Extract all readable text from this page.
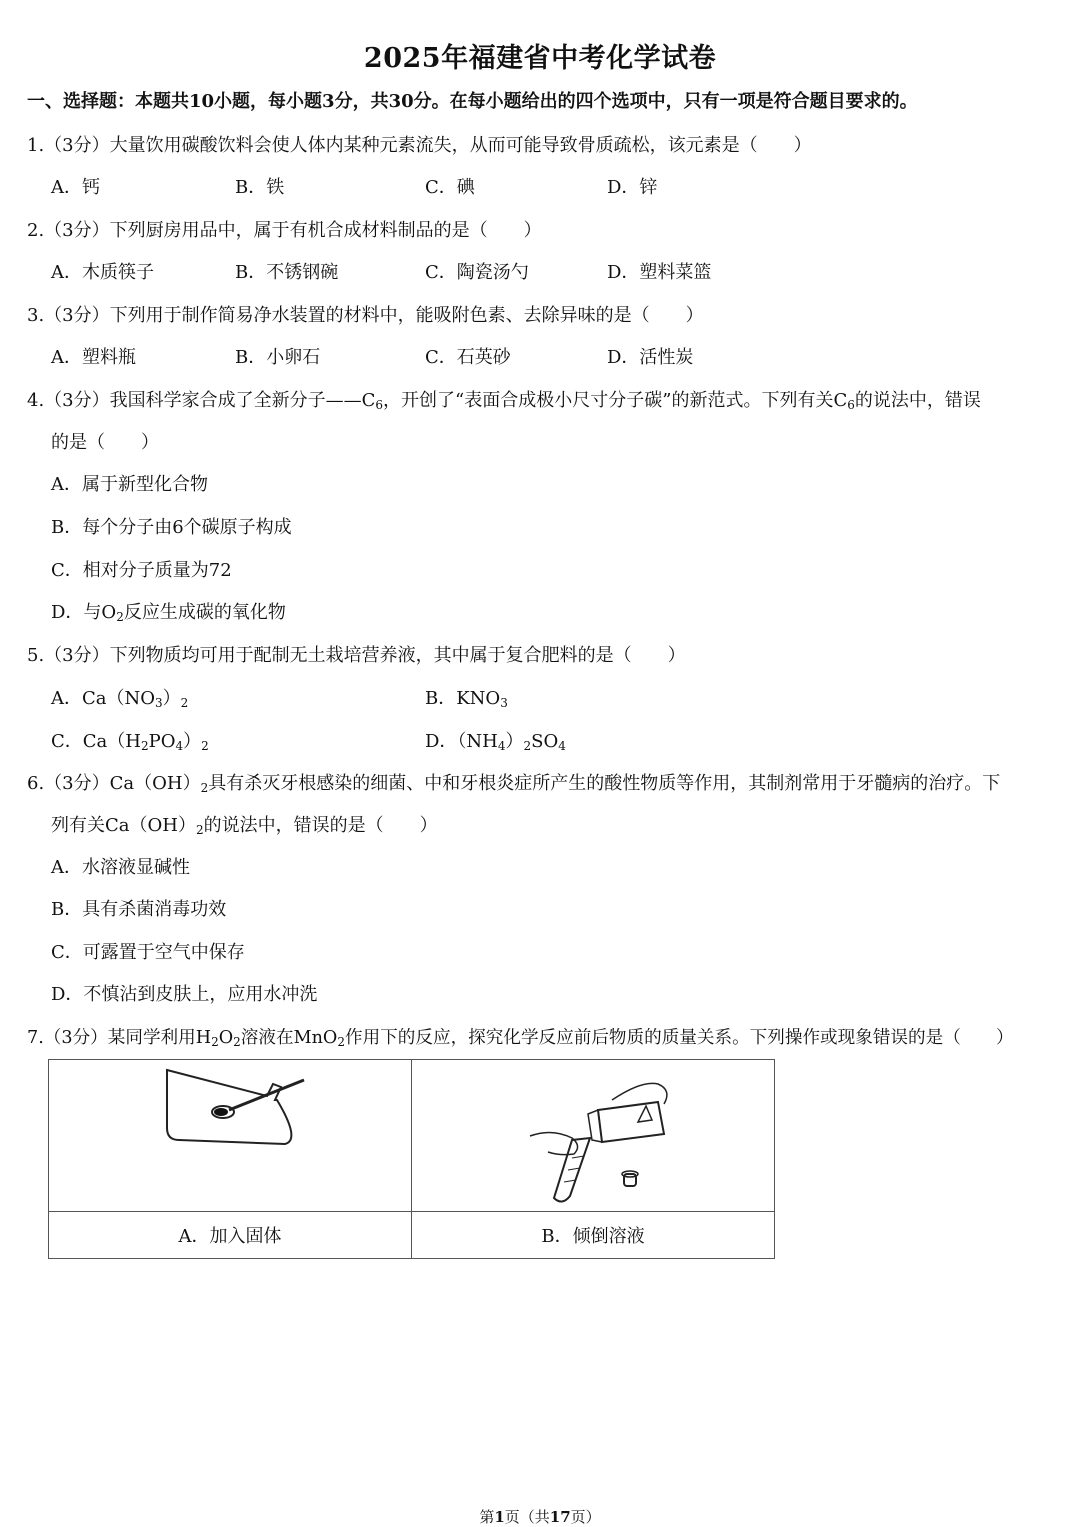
2025年福建省中考化学试卷
一、选择题：本题共10小题，每小题3分，共30分。在每小题给出的四个选项中，只有一项是符合题目要求的。
1.（3分）大量饮用碳酸饮料会使人体内某种元素流失，从而可能导致骨质疏松，该元素是（　　）
A．钙	B．铁	C．碘	D．锌
2.（3分）下列厨房用品中，属于有机合成材料制品的是（　　）
A．木质筷子	B．不锈钢碗	C．陶瓷汤勺	D．塑料菜篮
3.（3分）下列用于制作简易净水装置的材料中，能吸附色素、去除异味的是（　　）
A．塑料瓶	B．小卵石	C．石英砂	D．活性炭
4.（3分）我国科学家合成了全新分子$——C_6$，开创了“表面合成极小尺寸分子碳”的新范式。下列有关$C_6$的说法中，错误
的是（　　）
A．属于新型化合物
B．每个分子由6个碳原子构成
C．相对分子质量为72
D．与$O_2$反应生成碳的氧化物
5.（3分）下列物质均可用于配制无土栽培营养液，其中属于复合肥料的是（　　）
A．$Ca(NO_3)_2$	B．$KNO_3$
C．$Ca(H_2PO_4)_2$	D．$(NH_4)_2SO_4$
6.（3分）$Ca(OH)_2$具有杀灭牙根感染的细菌、中和牙根炎症所产生的酸性物质等作用，其制剂常用于牙髓病的治疗。下
列有关$Ca(OH)_2$的说法中，错误的是（　　）
A．水溶液显碱性
B．具有杀菌消毒功效
C．可露置于空气中保存
D．不慎沾到皮肤上，应用水冲洗
7.（3分）某同学利用$H_2O_2$溶液在MnO$_2$作用下的反应，探究化学反应前后物质的质量关系。下列操作或现象错误的是（　　）

A．加入固体	B．倾倒溶液
第1页（共17页）
